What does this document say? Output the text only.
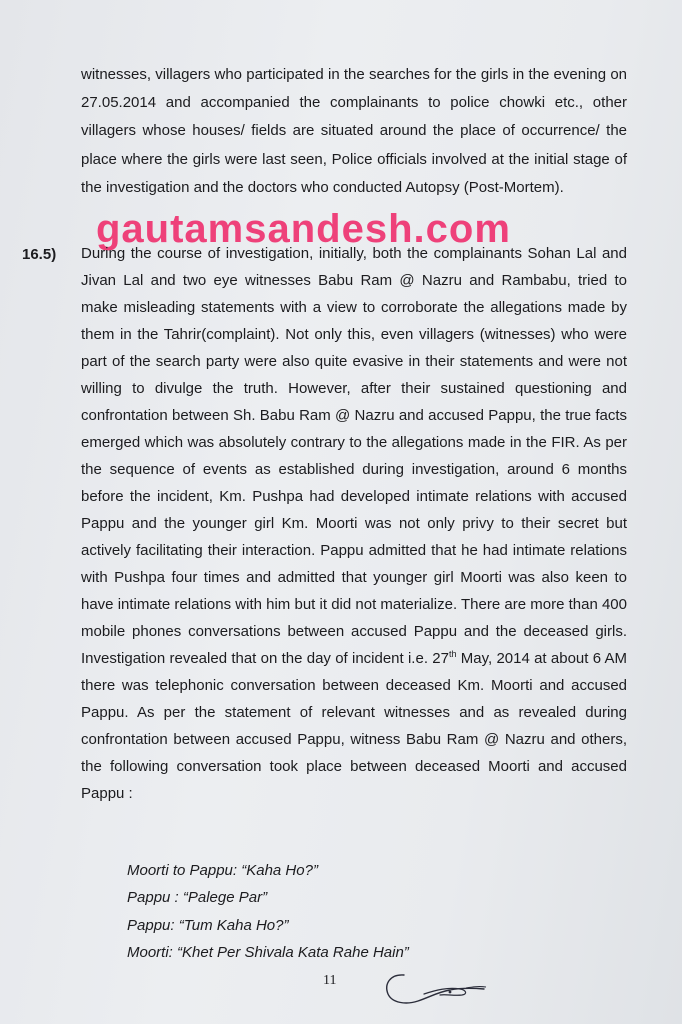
witnesses, villagers who participated in the searches for the girls in the evening on 27.05.2014 and accompanied the complainants to police chowki etc., other villagers whose houses/ fields are situated around the place of occurrence/ the place where the girls were last seen, Police officials involved at the initial stage of the investigation and the doctors who conducted Autopsy (Post-Mortem).

gautamsandesh.com
16.5) During the course of investigation, initially, both the complainants Sohan Lal and Jivan Lal and two eye witnesses Babu Ram @ Nazru and Rambabu, tried to make misleading statements with a view to corroborate the allegations made by them in the Tahrir(complaint). Not only this, even villagers (witnesses) who were part of the search party were also quite evasive in their statements and were not willing to divulge the truth. However, after their sustained questioning and confrontation between Sh. Babu Ram @ Nazru and accused Pappu, the true facts emerged which was absolutely contrary to the allegations made in the FIR. As per the sequence of events as established during investigation, around 6 months before the incident, Km. Pushpa had developed intimate relations with accused Pappu and the younger girl Km. Moorti was not only privy to their secret but actively facilitating their interaction. Pappu admitted that he had intimate relations with Pushpa four times and admitted that younger girl Moorti was also keen to have intimate relations with him but it did not materialize. There are more than 400 mobile phones conversations between accused Pappu and the deceased girls. Investigation revealed that on the day of incident i.e. 27th May, 2014 at about 6 AM there was telephonic conversation between deceased Km. Moorti and accused Pappu. As per the statement of relevant witnesses and as revealed during confrontation between accused Pappu, witness Babu Ram @ Nazru and others, the following conversation took place between deceased Moorti and accused Pappu :

Moorti to Pappu: “Kaha Ho?”
Pappu : “Palege Par”
Pappu: “Tum Kaha Ho?”
Moorti: “Khet Per Shivala Kata Rahe Hain”
11
